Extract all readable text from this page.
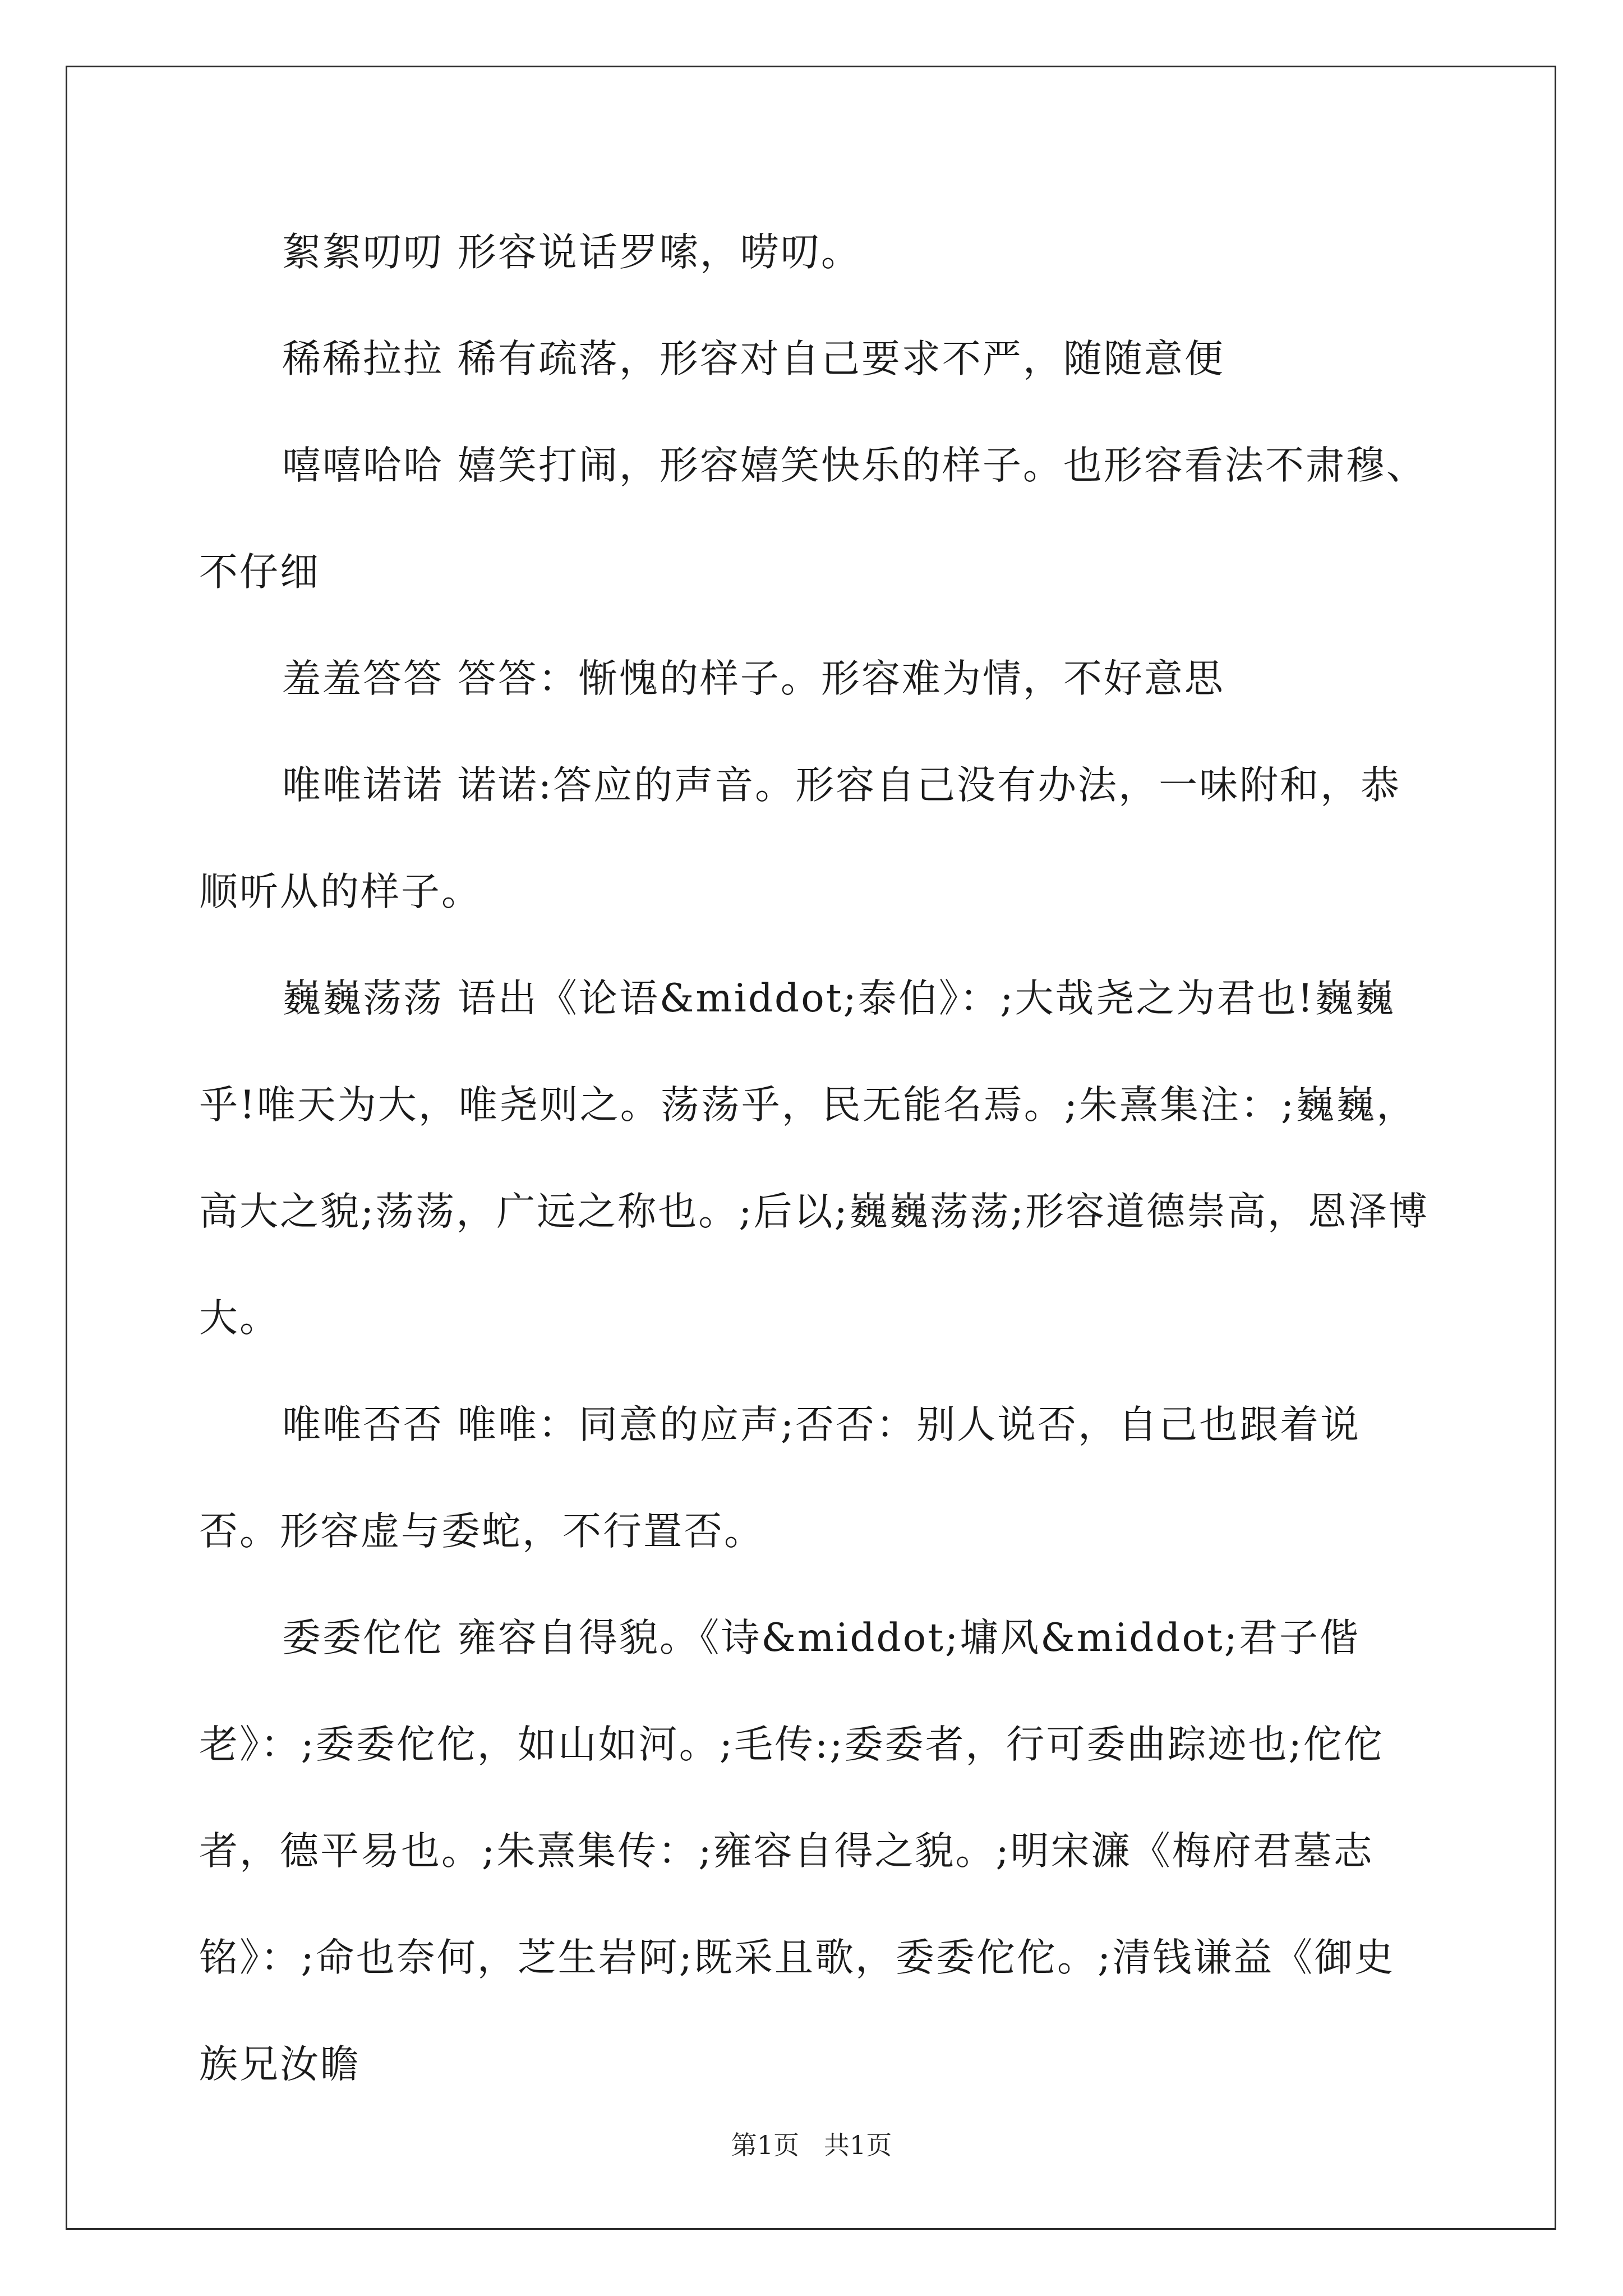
絮絮叨叨 形容说话罗嗦，唠叨。

稀稀拉拉 稀有疏落，形容对自己要求不严，随随意便

嘻嘻哈哈 嬉笑打闹，形容嬉笑快乐的样子。也形容看法不肃穆、不仔细

羞羞答答 答答：惭愧的样子。形容难为情，不好意思

唯唯诺诺 诺诺:答应的声音。形容自己没有办法，一味附和，恭顺听从的样子。

巍巍荡荡 语出《论语&middot;泰伯》：;大哉尧之为君也!巍巍乎!唯天为大，唯尧则之。荡荡乎，民无能名焉。;朱熹集注：;巍巍，高大之貌;荡荡，广远之称也。;后以;巍巍荡荡;形容道德崇高，恩泽博大。

唯唯否否 唯唯：同意的应声;否否：别人说否，自己也跟着说否。形容虚与委蛇，不行置否。

委委佗佗 雍容自得貌。《诗&middot;墉风&middot;君子偕老》：;委委佗佗，如山如河。;毛传:;委委者，行可委曲踪迹也;佗佗者，德平易也。;朱熹集传：;雍容自得之貌。;明宋濂《梅府君墓志铭》：;命也奈何，芝生岩阿;既采且歌，委委佗佗。;清钱谦益《御史族兄汝瞻

第1页 共1页
